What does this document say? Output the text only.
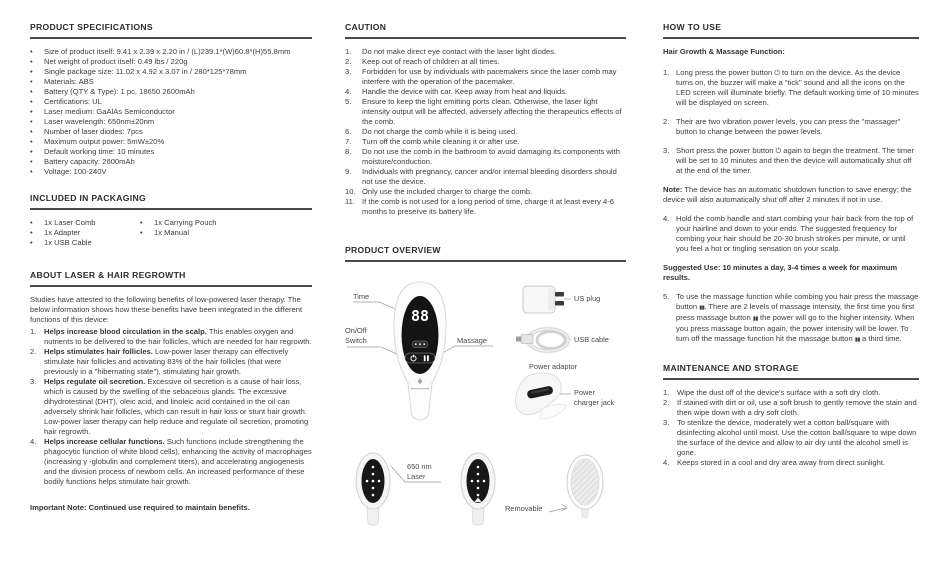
PRODUCT SPECIFICATIONS
•	Size of product itself: 9.41 x 2.39 x 2.20 in / (L)239.1*(W)60.8*(H)55.8mm
•	Net weight of product itself: 0.49 lbs / 220g
•	Single package size: 11.02 x 4.92 x 3.07 in / 280*125*78mm
•	Materials: ABS
•	Battery (QTY & Type): 1 pc, 18650 2600mAh
•	Certifications: UL
•	Laser medium: GaAlAs Semiconductor
•	Laser wavelength: 650nm±20nm
•	Number of laser diodes: 7pcs
•	Maximum output power: 5mW±20%
•	Default working time: 10 minutes
•	Battery capacity: 2600mAh
•	Voltage: 100-240V
INCLUDED IN PACKAGING
•	1x Laser Comb
•	1x Adapter
•	1x USB Cable
•	1x Carrying Pouch
•	1x Manual
ABOUT LASER & HAIR REGROWTH

Studies have attested to the following benefits of low-powered laser therapy. The below information shows how these benefits have been integrated in the different functions of this device:

1.	Helps increase blood circulation in the scalp. This enables oxygen and nutrients to be delivered to the hair follicles, which are needed for hair regrowth.
2.	Helps stimulates hair follicles. Low-power laser therapy can effectively stimulate hair follicles and activating 83% of the hair follicles (that were previously in a "hibernating state"), stimulating hair growth.
3.	Helps regulate oil secretion. Excessive oil secretion is a cause of hair loss, which is caused by the swelling of the sebaceous glands. The excessive dihydrotestinal (DHT), oleic acid, and linoleic acid contained in the oil can adversely shrink hair follicles, which can result in hair loss or stunt hair growth. Low-power laser therapy can help reduce and regulate oil secretion, promoting hair regrowth.
4.	Helps increase cellular functions. Such functions include strengthening the phagocytic function of white blood cells), enhancing the activity of macrophages (increasing γ -globulin and complement titers), and accelerating angiogenesis and the division process of newborn cells. An increased performance of these bodily functions helps stimulate hair growth.

Important Note: Continued use required to maintain benefits.

CAUTION
1.	Do not make direct eye contact with the laser light diodes.
2.	Keep out of reach of children at all times.
3.	Forbidden for use by individuals with pacemakers since the laser comb may interfere with the operation of the pacemaker.
4.	Handle the device with car. Keep away from heat and liquids.
5.	Ensure to keep the light emitting ports clean. Otherwise, the laser light intensity output will be affected, adversely affecting the therapeutics effects of the comb.
6.	Do not charge the comb while it is being used.
7.	Turn off the comb while cleaning it or after use.
8.	Do not use the comb in the bathroom to avoid damaging its components with moisture/conduction.
9.	Individuals with pregnancy, cancer and/or internal bleeding disorders should not use the device.
10. Only use the included charger to charge the comb.
11. If the comb is not used for a long period of time, charge it at least every 4-6 months to preserve its battery life.
PRODUCT OVERVIEW
88
Time
On/Off Switch	Massage
US plug
USB cable
Power adaptor
Power charger jack
650 nm Laser
Removable
HOW TO USE
Hair Growth & Massage Function:
1. Long press the power button ⏻ to turn on the device. As the device turns on, the buzzer will make a "tick" sound and all the icons on the LED screen will illuminate briefly. The default working time of 10 minutes will be displayed on screen.
2. Their are two vibration power levels, you can press the "massager" button to change between the power levels.
3. Short press the power button ⏻ again to begin the treatment. The timer will be set to 10 minutes and then the device will automatically shut off at the end of the timer.
Note: The device has an automatic shutdown function to save energy; the device will also automatically shut off after 2 minutes if not in use.
4. Hold the comb handle and start combing your hair back from the top of your hairline and down to your ends. The suggested frequency for combing your hair should be 20-30 brush strokes per minute, or until you feel a hot or tingling sensation on your scalp.
Suggested Use: 10 minutes a day, 3-4 times a week for maximum results.
5. To use the massage function while combing you hair press the massage button ▮▮. There are 2 levels of massage intensity, the first time you first press massage button ▮▮ the power will go to the higher intensity. When you press massage button again, the power intensity will be lower. To turn off the massage function hit the massage button ▮▮ a third time.
MAINTENANCE AND STORAGE
1.	Wipe the dust off of the device's surface with a soft dry cloth.
2.	If stained with dirt or oil, use a soft brush to gently remove the stain and then wipe down with a dry soft cloth.
3.	To sterilize the device, moderately wet a cotton ball/square with disinfecting alcohol until moist. Use the cotton ball/square to wipe down the surface of the device and allow to air dry until the alcohol smell is gone.
4.	Keeps stored in a cool and dry area away from direct sunlight.
